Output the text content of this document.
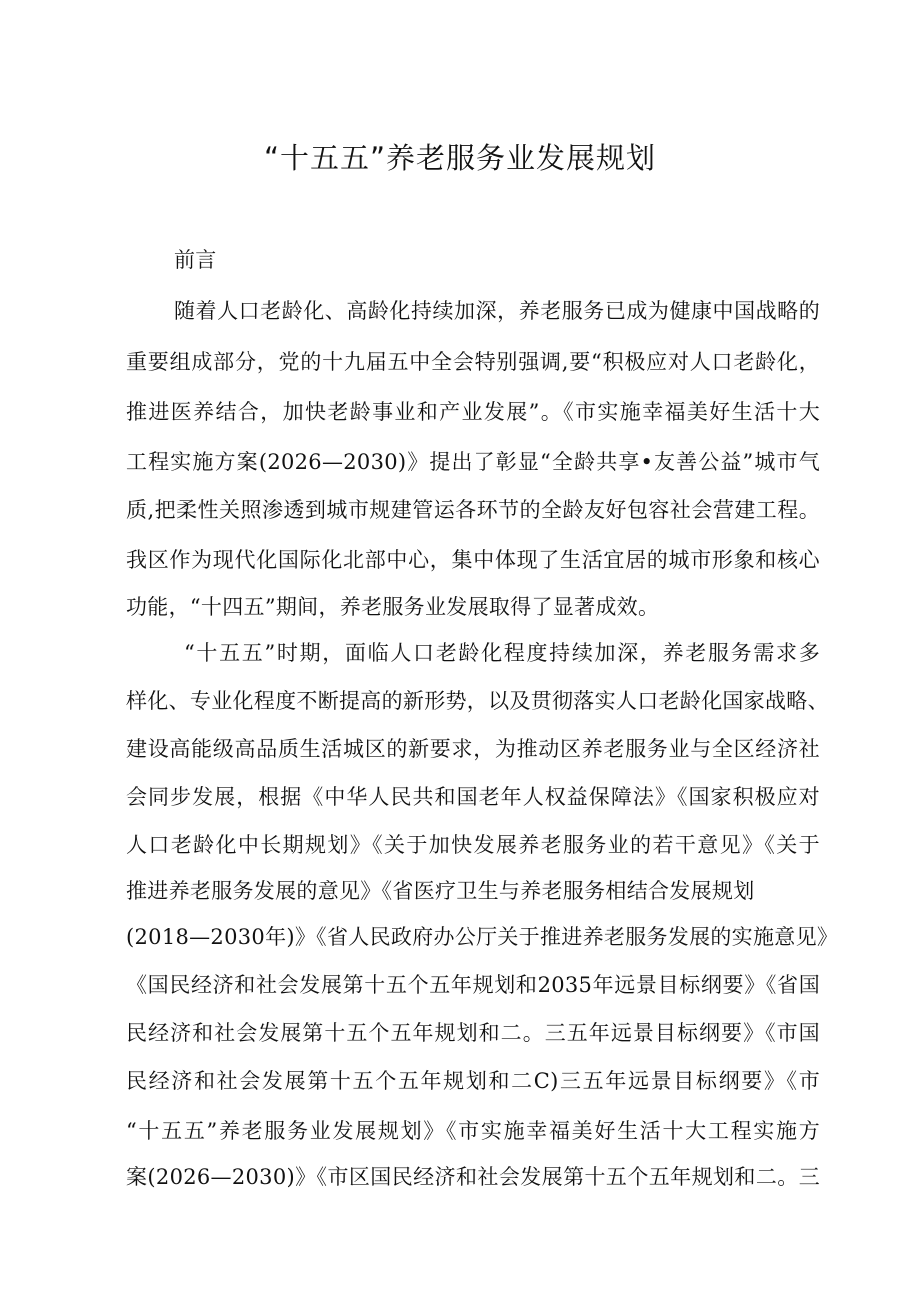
“十五五”养老服务业发展规划
前言
随着人口老龄化、高龄化持续加深，养老服务已成为健康中国战略的
重要组成部分，党的十九届五中全会特别强调,要“积极应对人口老龄化，
推进医养结合，加快老龄事业和产业发展”。《市实施幸福美好生活十大
工程实施方案(2026—2030)》提出了彰显“全龄共享•友善公益”城市气
质,把柔性关照渗透到城市规建管运各环节的全龄友好包容社会营建工程。
我区作为现代化国际化北部中心，集中体现了生活宜居的城市形象和核心
功能，“十四五”期间，养老服务业发展取得了显著成效。
“十五五”时期，面临人口老龄化程度持续加深，养老服务需求多
样化、专业化程度不断提高的新形势，以及贯彻落实人口老龄化国家战略、
建设高能级高品质生活城区的新要求，为推动区养老服务业与全区经济社
会同步发展，根据《中华人民共和国老年人权益保障法》《国家积极应对
人口老龄化中长期规划》《关于加快发展养老服务业的若干意见》《关于
推进养老服务发展的意见》《省医疗卫生与养老服务相结合发展规划
(2018—2030年)》《省人民政府办公厅关于推进养老服务发展的实施意见》
《国民经济和社会发展第十五个五年规划和2035年远景目标纲要》《省国
民经济和社会发展第十五个五年规划和二。三五年远景目标纲要》《市国
民经济和社会发展第十五个五年规划和二C)三五年远景目标纲要》《市
“十五五”养老服务业发展规划》《市实施幸福美好生活十大工程实施方
案(2026—2030)》《市区国民经济和社会发展第十五个五年规划和二。三
